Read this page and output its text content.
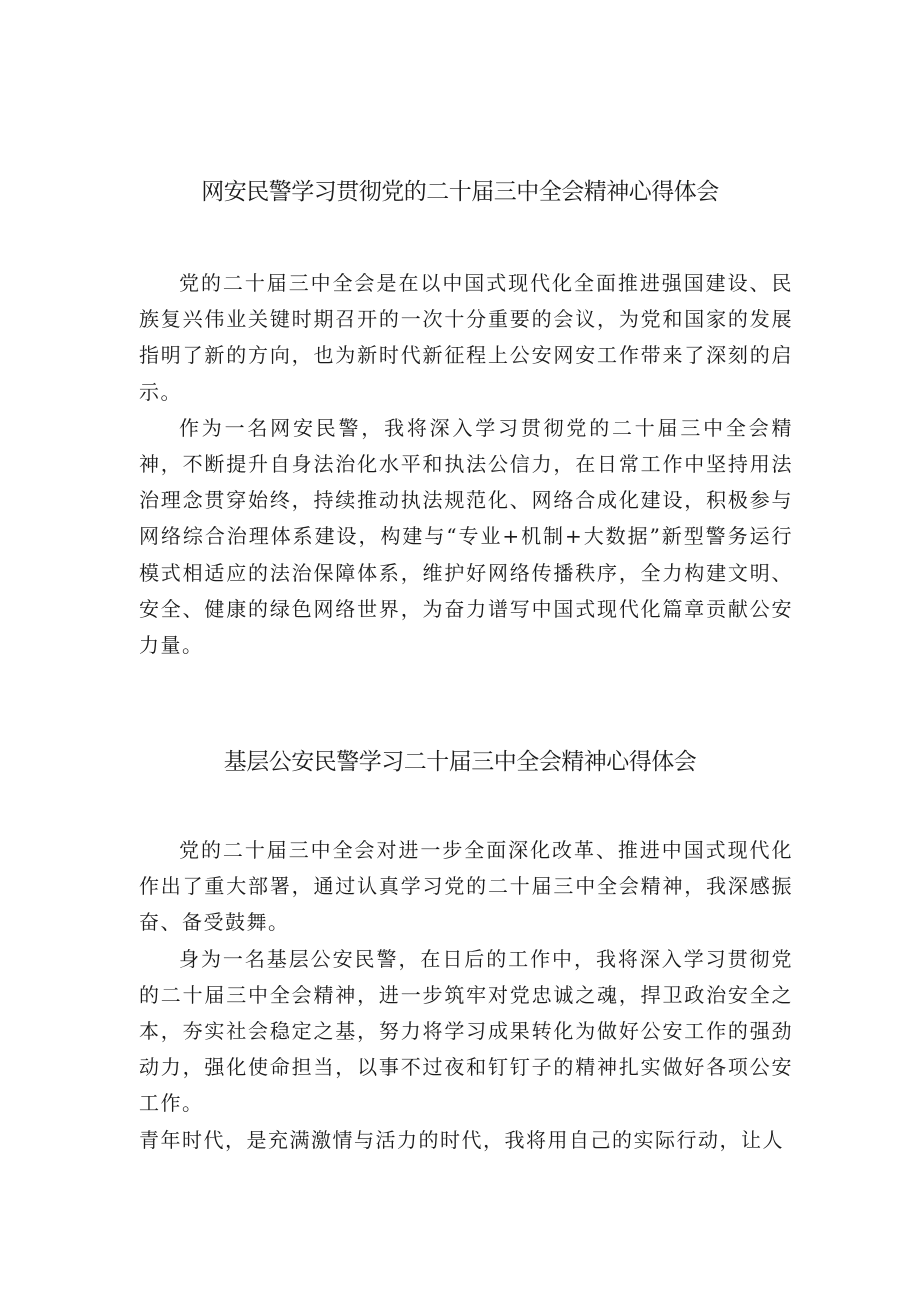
网安民警学习贯彻党的二十届三中全会精神心得体会

党的二十届三中全会是在以中国式现代化全面推进强国建设、民族复兴伟业关键时期召开的一次十分重要的会议，为党和国家的发展指明了新的方向，也为新时代新征程上公安网安工作带来了深刻的启示。

作为一名网安民警，我将深入学习贯彻党的二十届三中全会精神，不断提升自身法治化水平和执法公信力，在日常工作中坚持用法治理念贯穿始终，持续推动执法规范化、网络合成化建设，积极参与网络综合治理体系建设，构建与“专业+机制+大数据”新型警务运行模式相适应的法治保障体系，维护好网络传播秩序，全力构建文明、安全、健康的绿色网络世界，为奋力谱写中国式现代化篇章贡献公安力量。

基层公安民警学习二十届三中全会精神心得体会

党的二十届三中全会对进一步全面深化改革、推进中国式现代化作出了重大部署，通过认真学习党的二十届三中全会精神，我深感振奋、备受鼓舞。

身为一名基层公安民警，在日后的工作中，我将深入学习贯彻党的二十届三中全会精神，进一步筑牢对党忠诚之魂，捍卫政治安全之本，夯实社会稳定之基，努力将学习成果转化为做好公安工作的强劲动力，强化使命担当，以事不过夜和钉钉子的精神扎实做好各项公安工作。

青年时代，是充满激情与活力的时代，我将用自己的实际行动，让人
